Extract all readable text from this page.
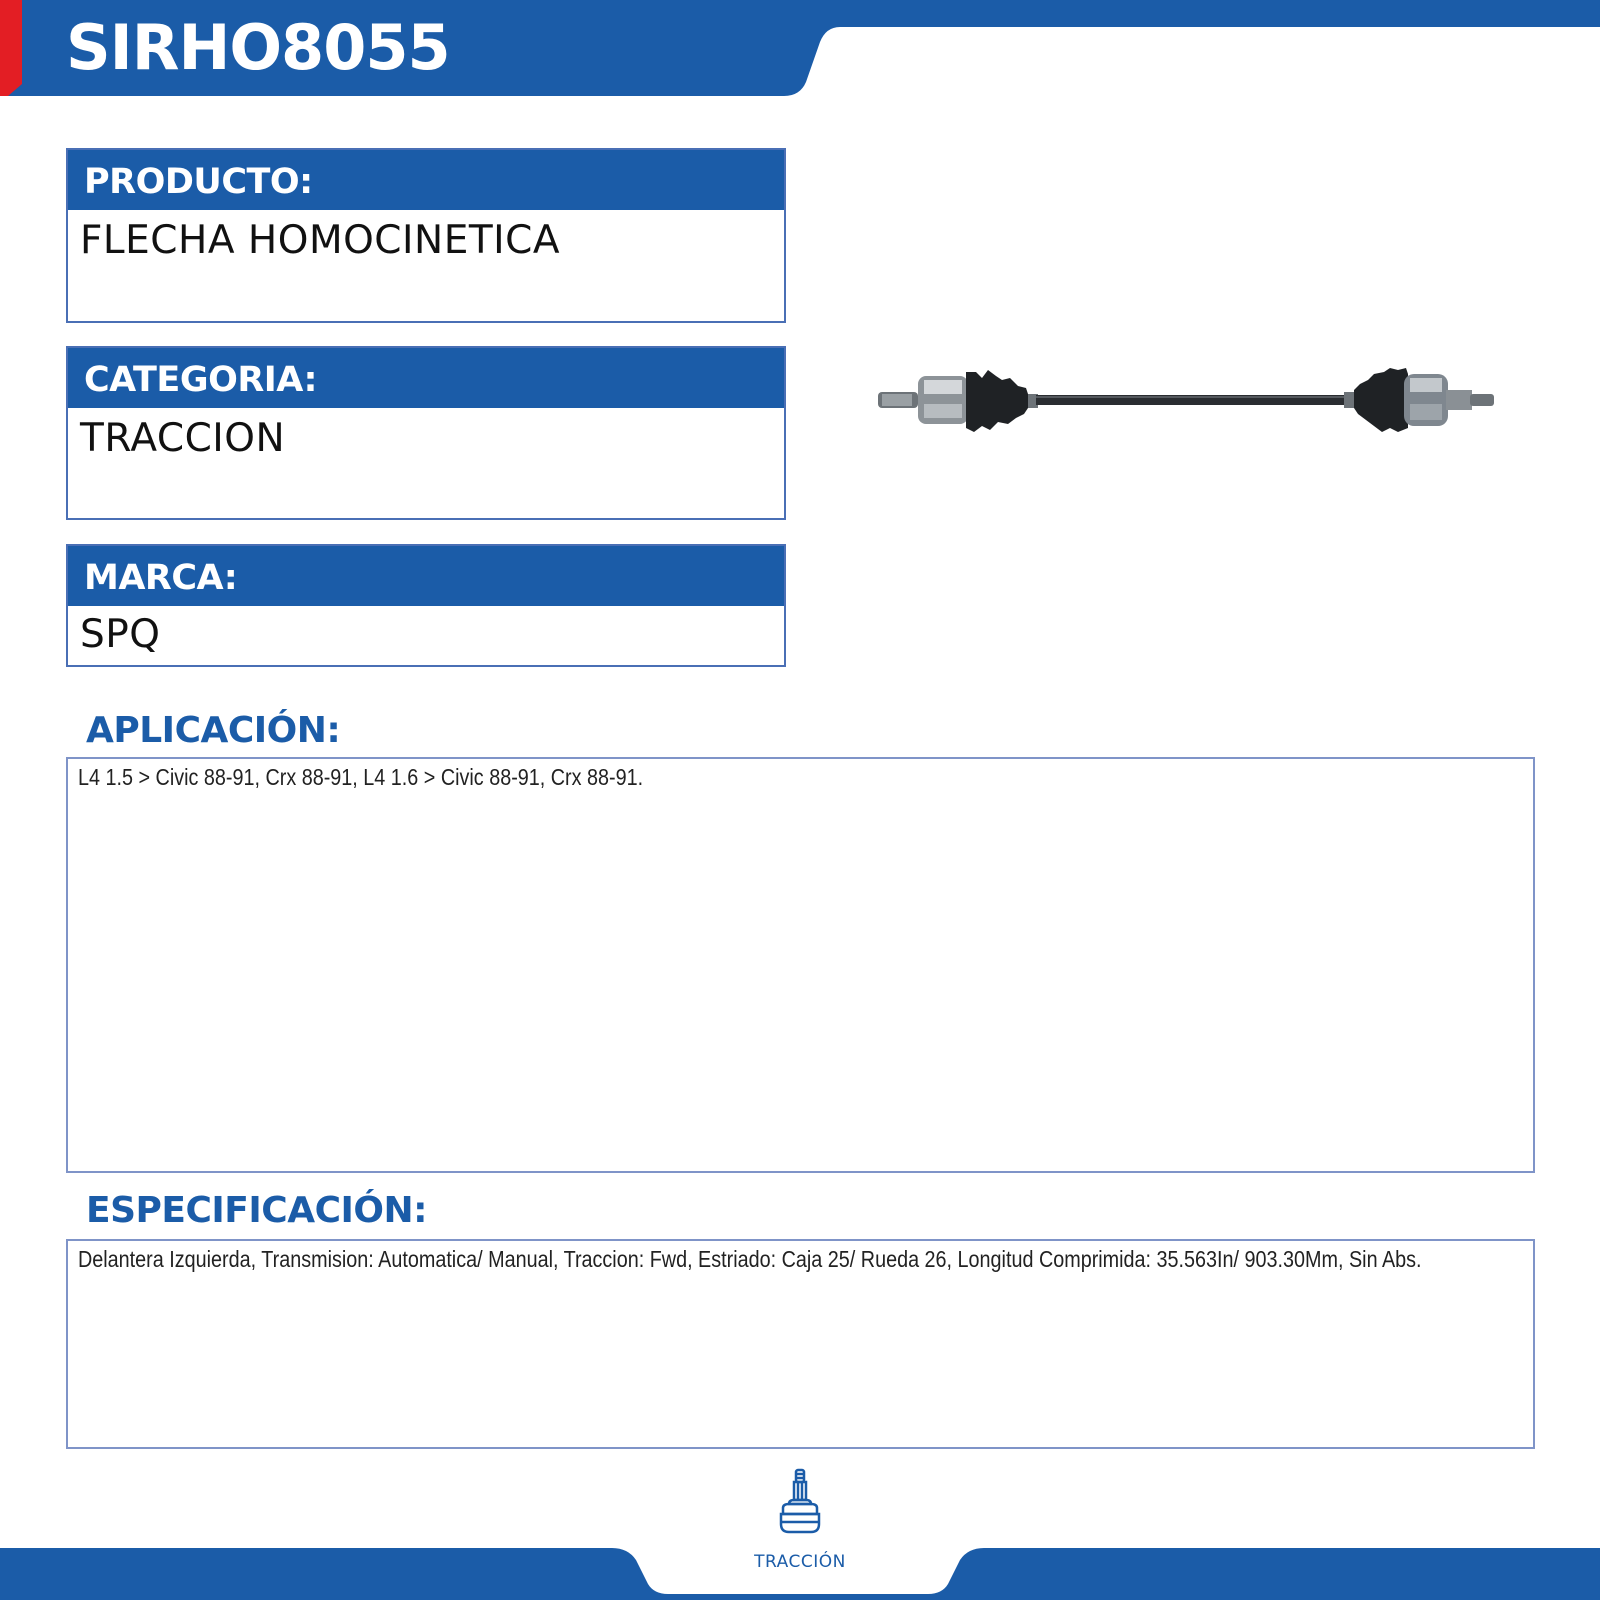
SIRHO8055
PRODUCTO:
FLECHA HOMOCINETICA
CATEGORIA:
TRACCION
MARCA:
SPQ
APLICACIÓN:
L4 1.5 > Civic 88-91, Crx 88-91, L4 1.6 > Civic 88-91, Crx 88-91.
ESPECIFICACIÓN:
Delantera Izquierda, Transmision: Automatica/ Manual, Traccion: Fwd, Estriado: Caja 25/ Rueda 26, Longitud Comprimida: 35.563In/ 903.30Mm, Sin Abs.
TRACCIÓN
